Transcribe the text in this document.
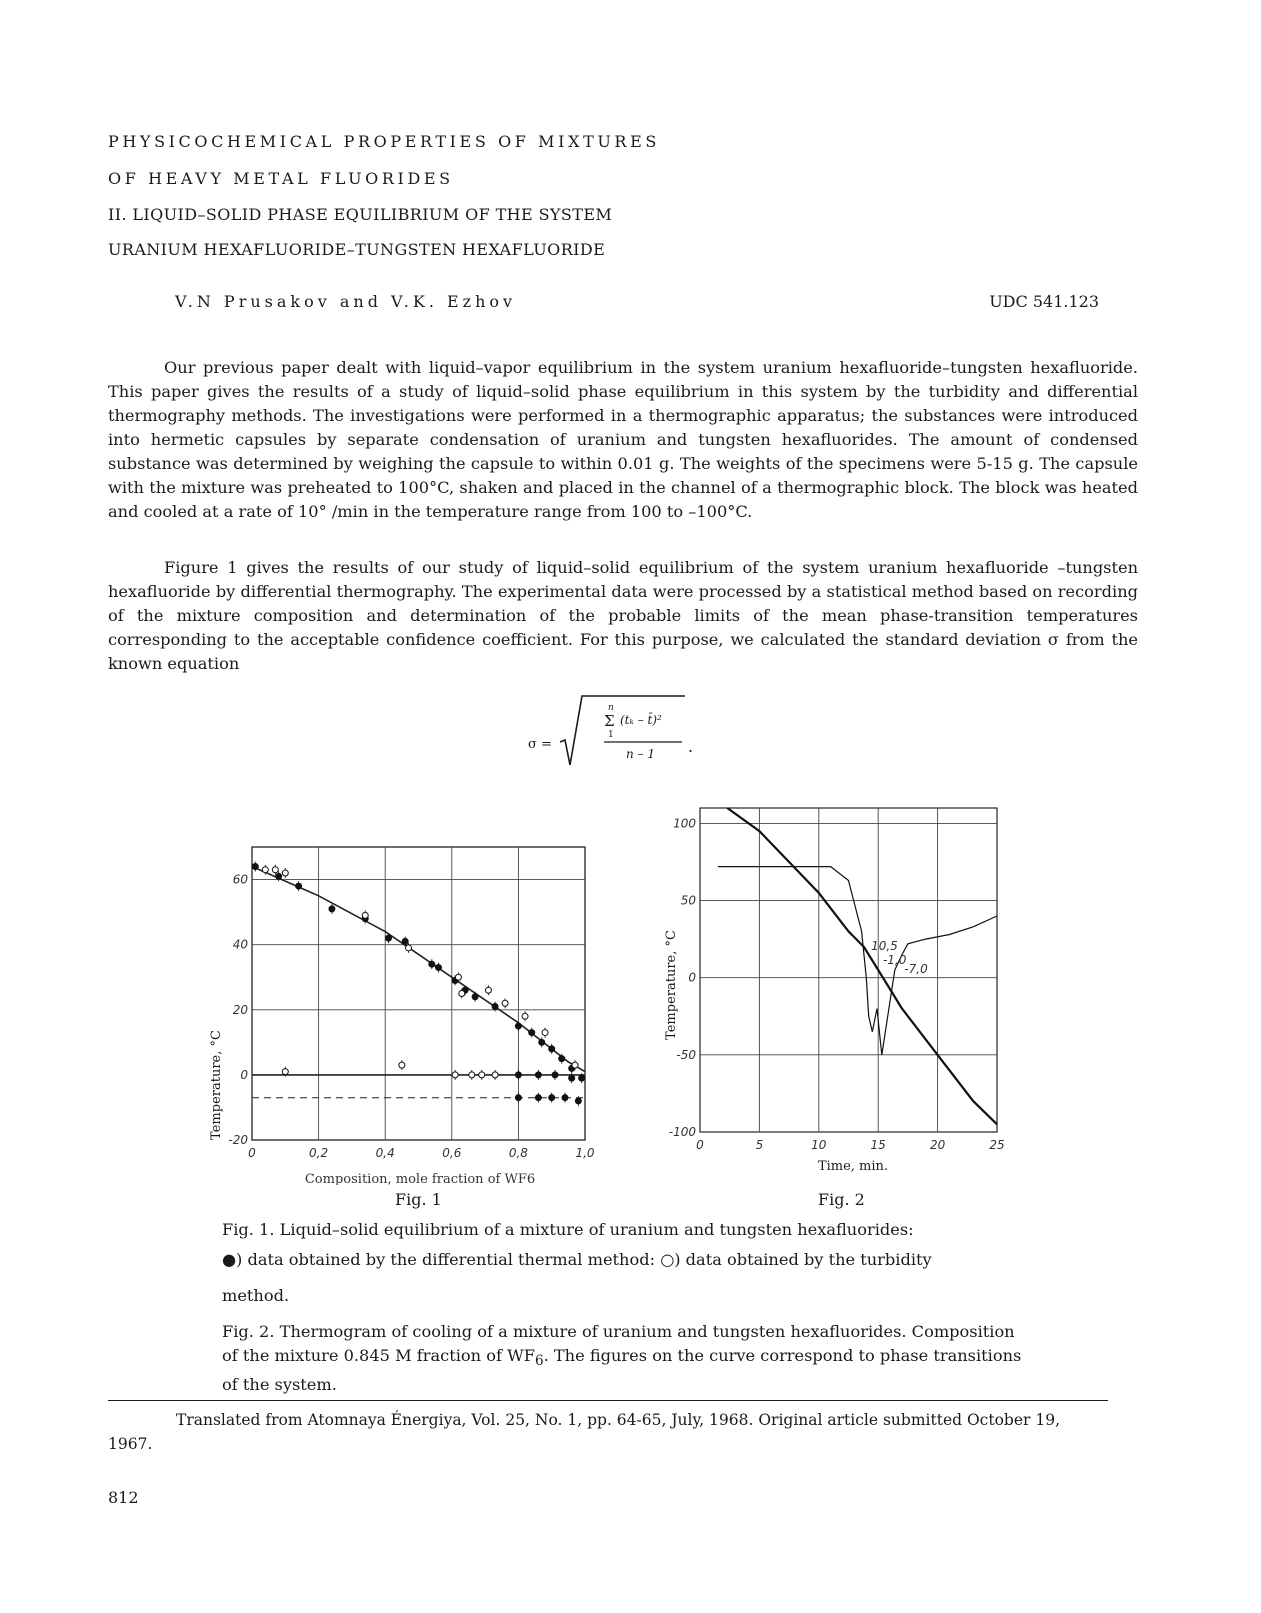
PHYSICOCHEMICAL PROPERTIES OF MIXTURES
OF HEAVY METAL FLUORIDES
II. LIQUID–SOLID PHASE EQUILIBRIUM OF THE SYSTEM
URANIUM HEXAFLUORIDE–TUNGSTEN HEXAFLUORIDE
V.N Prusakov and V.K. Ezhov	UDC 541.123

Our previous paper dealt with liquid–vapor equilibrium in the system uranium hexafluoride–tungsten hexafluoride. This paper gives the results of a study of liquid–solid phase equilibrium in this system by the turbidity and differential thermography methods. The investigations were performed in a thermographic apparatus; the substances were introduced into hermetic capsules by separate condensation of uranium and tungsten hexafluorides. The amount of condensed substance was determined by weighing the capsule to within 0.01 g. The weights of the specimens were 5-15 g. The capsule with the mixture was preheated to 100°C, shaken and placed in the channel of a thermographic block. The block was heated and cooled at a rate of 10° /min in the temperature range from 100 to –100°C.

Figure 1 gives the results of our study of liquid–solid equilibrium of the system uranium hexafluoride –tungsten hexafluoride by differential thermography. The experimental data were processed by a statistical method based on recording of the mixture composition and determination of the probable limits of the mean phase-transition temperatures corresponding to the acceptable confidence coefficient. For this purpose, we calculated the standard deviation σ from the known equation

σ =
n
Σ
1
(tₖ – t̄)²
n – 1 .
Composition, mole fraction of WF6
Temperature, °C
0	0,2	0,4	0,6	0,8	1,0
-20
0
20
40
60
Time, min.
Temperature, °C
0	5	10	15	20	25
100
50
0
-50
-100
10,5
-1,0
-7,0
Fig. 1	Fig. 2

Fig. 1. Liquid–solid equilibrium of a mixture of uranium and tungsten hexafluorides:

●) data obtained by the differential thermal method: ○) data obtained by the turbidity

method.

Fig. 2. Thermogram of cooling of a mixture of uranium and tungsten hexafluorides. Composition of the mixture 0.845 M fraction of $WF_6$. The figures on the curve correspond to phase transitions of the system.

Translated from Atomnaya Énergiya, Vol. 25, No. 1, pp. 64-65, July, 1968. Original article submitted October 19, 1967.

812
